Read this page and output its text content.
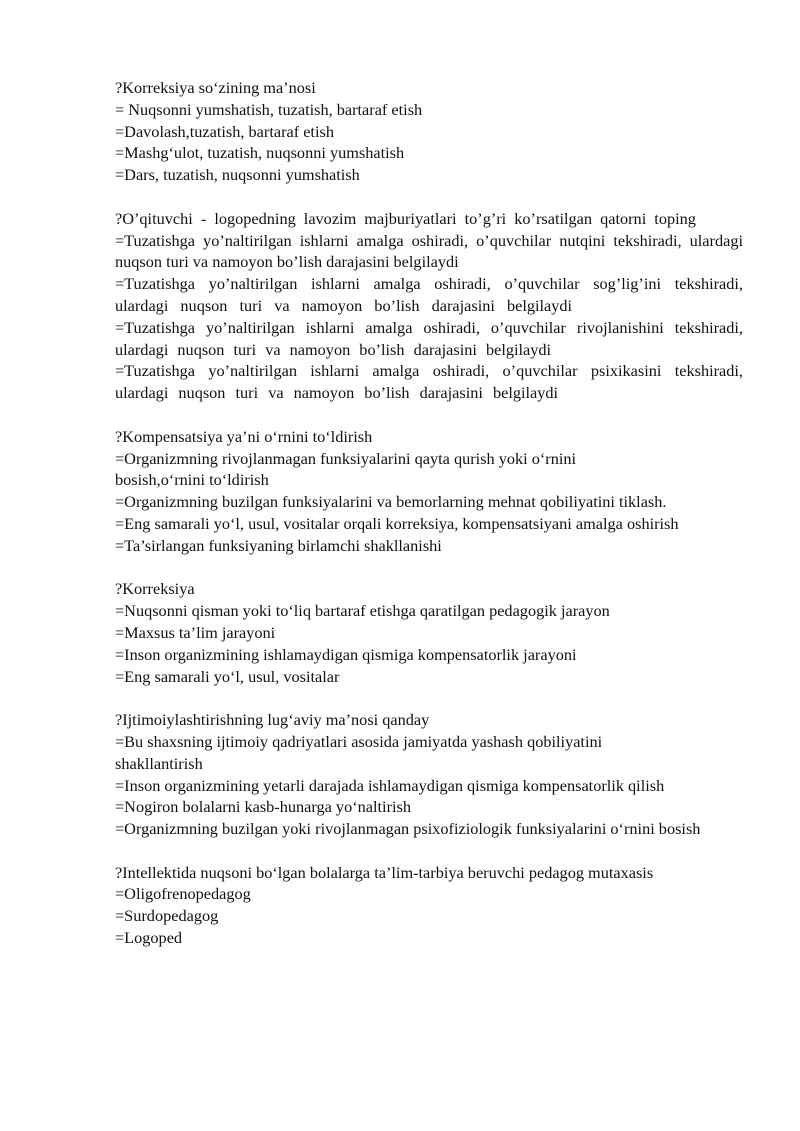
?Korreksiya so‘zining ma’nosi
= Nuqsonni yumshatish, tuzatish, bartaraf etish
=Davolash,tuzatish, bartaraf etish
=Mashg‘ulot, tuzatish, nuqsonni yumshatish
=Dars, tuzatish, nuqsonni yumshatish
?O’qituvchi - logopedning lavozim majburiyatlari to’g’ri ko’rsatilgan qatorni toping
=Tuzatishga yo’naltirilgan ishlarni amalga oshiradi, o’quvchilar nutqini tekshiradi, ulardagi nuqson turi va namoyon bo’lish darajasini belgilaydi
=Tuzatishga yo’naltirilgan ishlarni amalga oshiradi, o’quvchilar sog’lig’ini tekshiradi, ulardagi nuqson turi va namoyon bo’lish darajasini belgilaydi
=Tuzatishga yo’naltirilgan ishlarni amalga oshiradi, o’quvchilar rivojlanishini tekshiradi, ulardagi nuqson turi va namoyon bo’lish darajasini belgilaydi
=Tuzatishga yo’naltirilgan ishlarni amalga oshiradi, o’quvchilar psixikasini tekshiradi, ulardagi nuqson turi va namoyon bo’lish darajasini belgilaydi
?Kompensatsiya ya’ni o‘rnini to‘ldirish
=Organizmning rivojlanmagan funksiyalarini qayta qurish yoki o‘rnini bosish,o‘rnini to‘ldirish
=Organizmning buzilgan funksiyalarini va bemorlarning mehnat qobiliyatini tiklash.
=Eng samarali yo‘l, usul, vositalar orqali korreksiya, kompensatsiyani amalga oshirish
=Ta’sirlangan funksiyaning birlamchi shakllanishi
?Korreksiya
=Nuqsonni qisman yoki to‘liq bartaraf etishga qaratilgan pedagogik jarayon
=Maxsus ta’lim jarayoni
=Inson organizmining ishlamaydigan qismiga kompensatorlik jarayoni
=Eng samarali yo‘l, usul, vositalar
?Ijtimoiylashtirishning lug‘aviy ma’nosi qanday
=Bu shaxsning ijtimoiy qadriyatlari asosida jamiyatda yashash qobiliyatini shakllantirish
=Inson organizmining yetarli darajada ishlamaydigan qismiga kompensatorlik qilish
=Nogiron bolalarni kasb-hunarga yo‘naltirish
=Organizmning buzilgan yoki rivojlanmagan psixofiziologik funksiyalarini o‘rnini bosish
?Intellektida nuqsoni bo‘lgan bolalarga ta’lim-tarbiya beruvchi pedagog mutaxasis
=Oligofrenopedagog
=Surdopedagog
=Logoped
